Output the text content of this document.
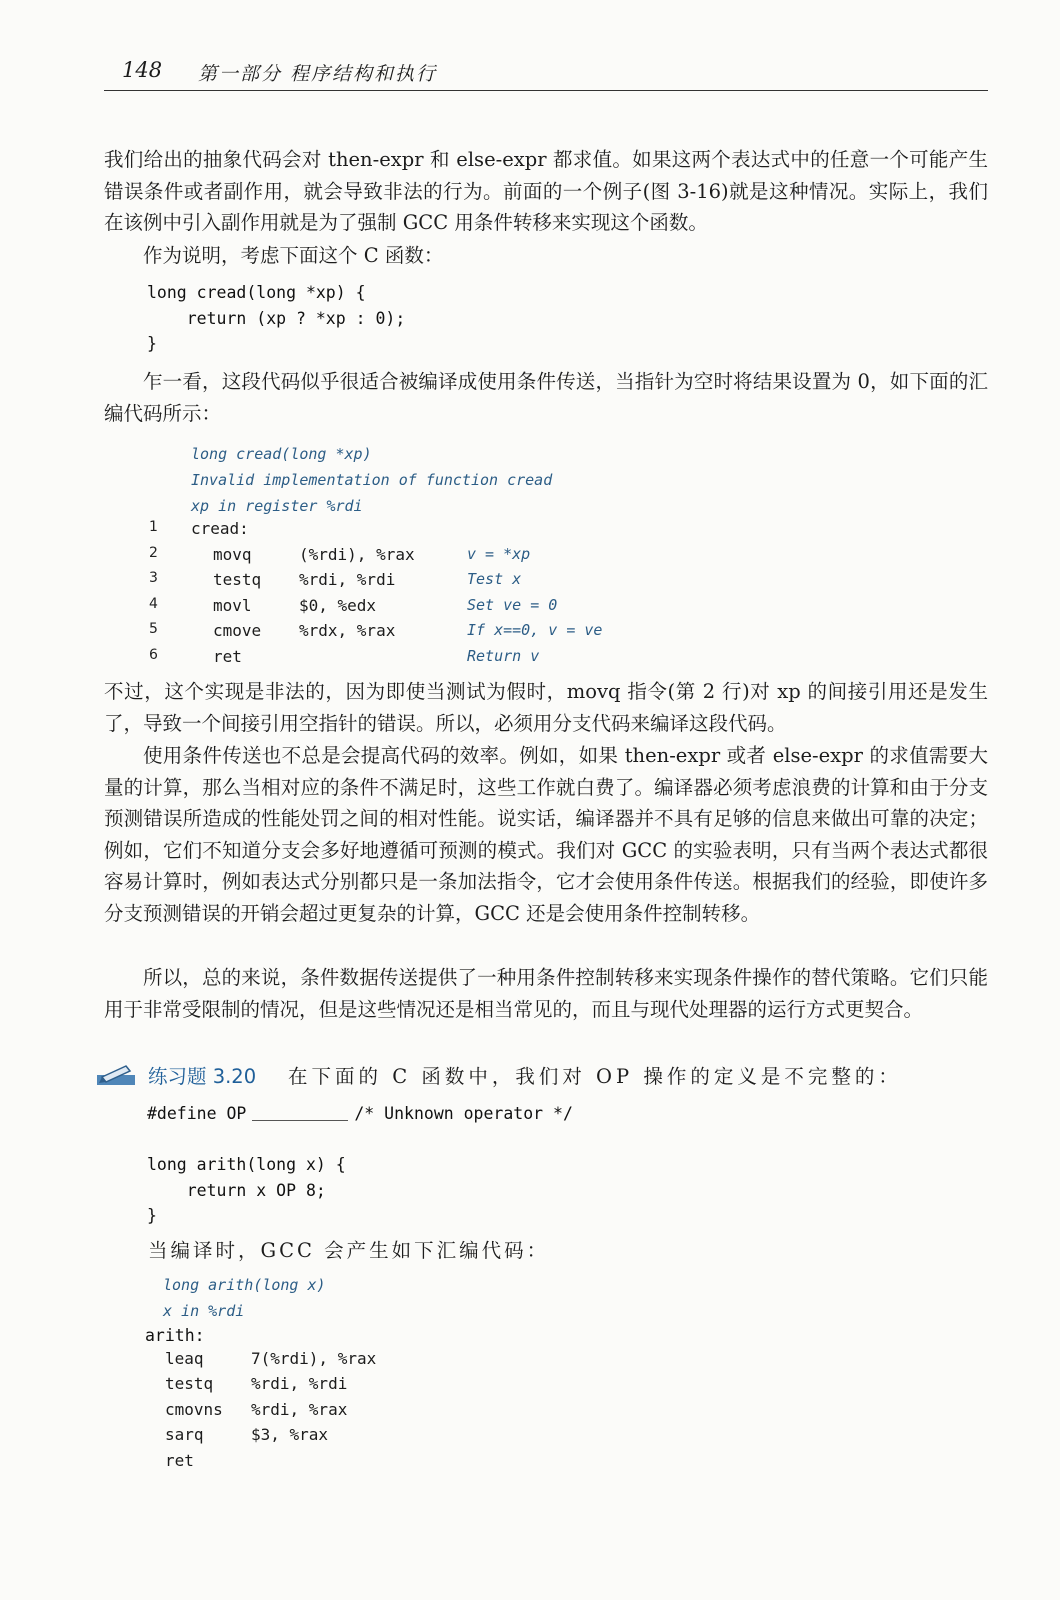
148 第一部分 程序结构和执行

我们给出的抽象代码会对 then-expr 和 else-expr 都求值。如果这两个表达式中的任意一个可能产生错误条件或者副作用，就会导致非法的行为。前面的一个例子(图 3-16)就是这种情况。实际上，我们在该例中引入副作用就是为了强制 GCC 用条件转移来实现这个函数。

作为说明，考虑下面这个 C 函数：

long cread(long *xp) {
return (xp ? *xp : 0);
}

乍一看，这段代码似乎很适合被编译成使用条件传送，当指针为空时将结果设置为 0，如下面的汇编代码所示：

long cread(long *xp)
Invalid implementation of function cread
xp in register %rdi
1	cread:
2	movq	(%rdi), %rax	v = *xp
3	testq %rdi, %rdi	Test x
4	movl	$0, %edx	Set ve = 0
5	cmove %rdx, %rax	If x==0, v = ve
6	ret	Return v

不过，这个实现是非法的，因为即使当测试为假时，movq 指令(第 2 行)对 xp 的间接引用还是发生了，导致一个间接引用空指针的错误。所以，必须用分支代码来编译这段代码。

使用条件传送也不总是会提高代码的效率。例如，如果 then-expr 或者 else-expr 的求值需要大量的计算，那么当相对应的条件不满足时，这些工作就白费了。编译器必须考虑浪费的计算和由于分支预测错误所造成的性能处罚之间的相对性能。说实话，编译器并不具有足够的信息来做出可靠的决定；例如，它们不知道分支会多好地遵循可预测的模式。我们对 GCC 的实验表明，只有当两个表达式都很容易计算时，例如表达式分别都只是一条加法指令，它才会使用条件传送。根据我们的经验，即使许多分支预测错误的开销会超过更复杂的计算，GCC 还是会使用条件控制转移。

所以，总的来说，条件数据传送提供了一种用条件控制转移来实现条件操作的替代策略。它们只能用于非常受限制的情况，但是这些情况还是相当常见的，而且与现代处理器的运行方式更契合。

练习题 3.20 在下面的 C 函数中，我们对 OP 操作的定义是不完整的：
#define OP	/* Unknown operator */
long arith(long x) {
return x OP 8;
}

当编译时，GCC 会产生如下汇编代码：

long arith(long x)
x in %rdi
arith:
leaq	7(%rdi), %rax
testq %rdi, %rdi
cmovns %rdi, %rax
sarq	$3, %rax
ret
